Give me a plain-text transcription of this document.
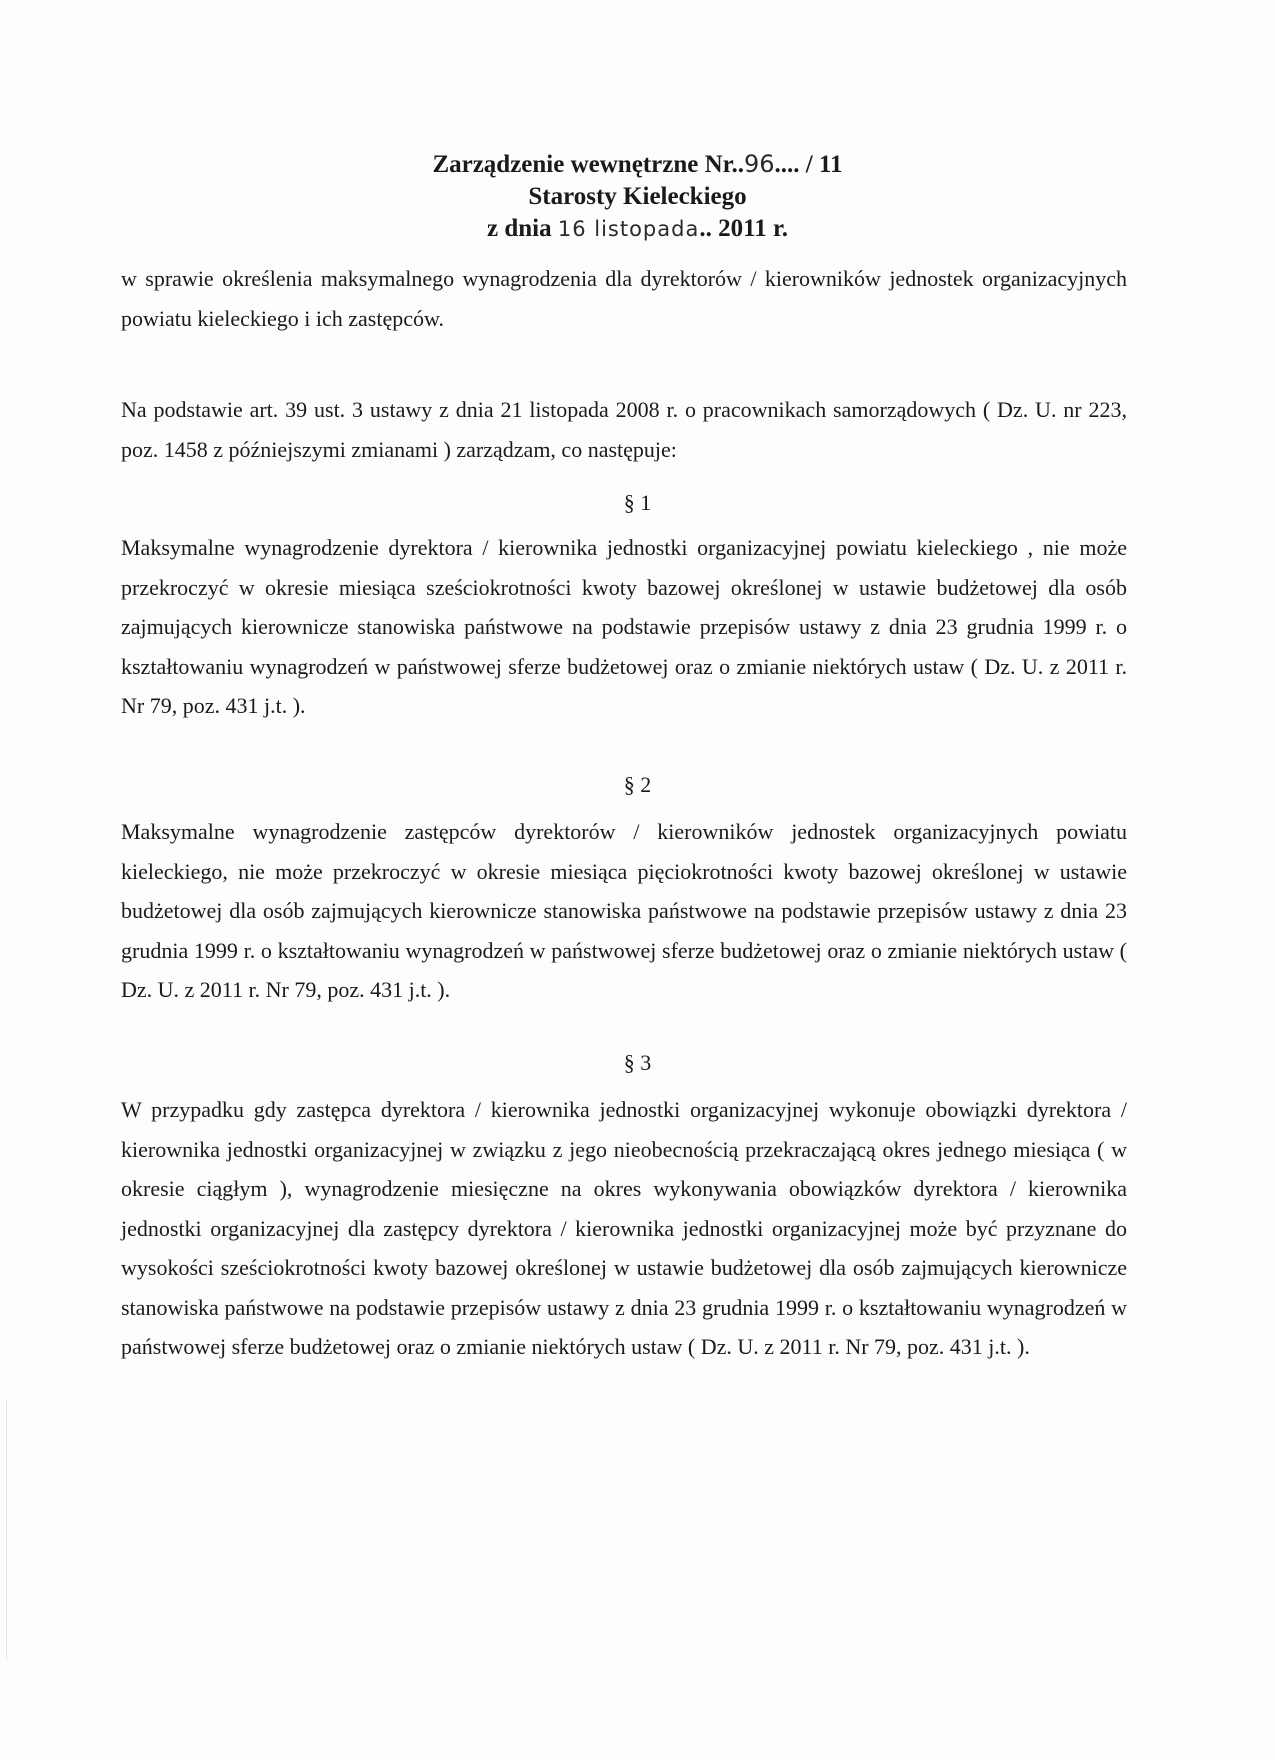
Zarządzenie wewnętrzne Nr..96.... / 11
Starosty Kieleckiego
z dnia 16 listopada.. 2011 r.

w sprawie określenia maksymalnego wynagrodzenia dla dyrektorów / kierowników jednostek organizacyjnych powiatu kieleckiego i ich zastępców.

Na podstawie art. 39 ust. 3 ustawy z dnia 21 listopada 2008 r. o pracownikach samorządowych ( Dz. U. nr 223, poz. 1458 z późniejszymi zmianami ) zarządzam, co następuje:

§ 1

Maksymalne wynagrodzenie dyrektora / kierownika jednostki organizacyjnej powiatu kieleckiego , nie może przekroczyć w okresie miesiąca sześciokrotności kwoty bazowej określonej w ustawie budżetowej dla osób zajmujących kierownicze stanowiska państwowe na podstawie przepisów ustawy z dnia 23 grudnia 1999 r. o kształtowaniu wynagrodzeń w państwowej sferze budżetowej oraz o zmianie niektórych ustaw ( Dz. U. z 2011 r. Nr 79, poz. 431 j.t. ).

§ 2

Maksymalne wynagrodzenie zastępców dyrektorów / kierowników jednostek organizacyjnych powiatu kieleckiego, nie może przekroczyć w okresie miesiąca pięciokrotności kwoty bazowej określonej w ustawie budżetowej dla osób zajmujących kierownicze stanowiska państwowe na podstawie przepisów ustawy z dnia 23 grudnia 1999 r. o kształtowaniu wynagrodzeń w państwowej sferze budżetowej oraz o zmianie niektórych ustaw ( Dz. U. z 2011 r. Nr 79, poz. 431 j.t. ).

§ 3

W przypadku gdy zastępca dyrektora / kierownika jednostki organizacyjnej wykonuje obowiązki dyrektora / kierownika jednostki organizacyjnej w związku z jego nieobecnością przekraczającą okres jednego miesiąca ( w okresie ciągłym ), wynagrodzenie miesięczne na okres wykonywania obowiązków dyrektora / kierownika jednostki organizacyjnej dla zastępcy dyrektora / kierownika jednostki organizacyjnej może być przyznane do wysokości sześciokrotności kwoty bazowej określonej w ustawie budżetowej dla osób zajmujących kierownicze stanowiska państwowe na podstawie przepisów ustawy z dnia 23 grudnia 1999 r. o kształtowaniu wynagrodzeń w państwowej sferze budżetowej oraz o zmianie niektórych ustaw ( Dz. U. z 2011 r. Nr 79, poz. 431 j.t. ).
